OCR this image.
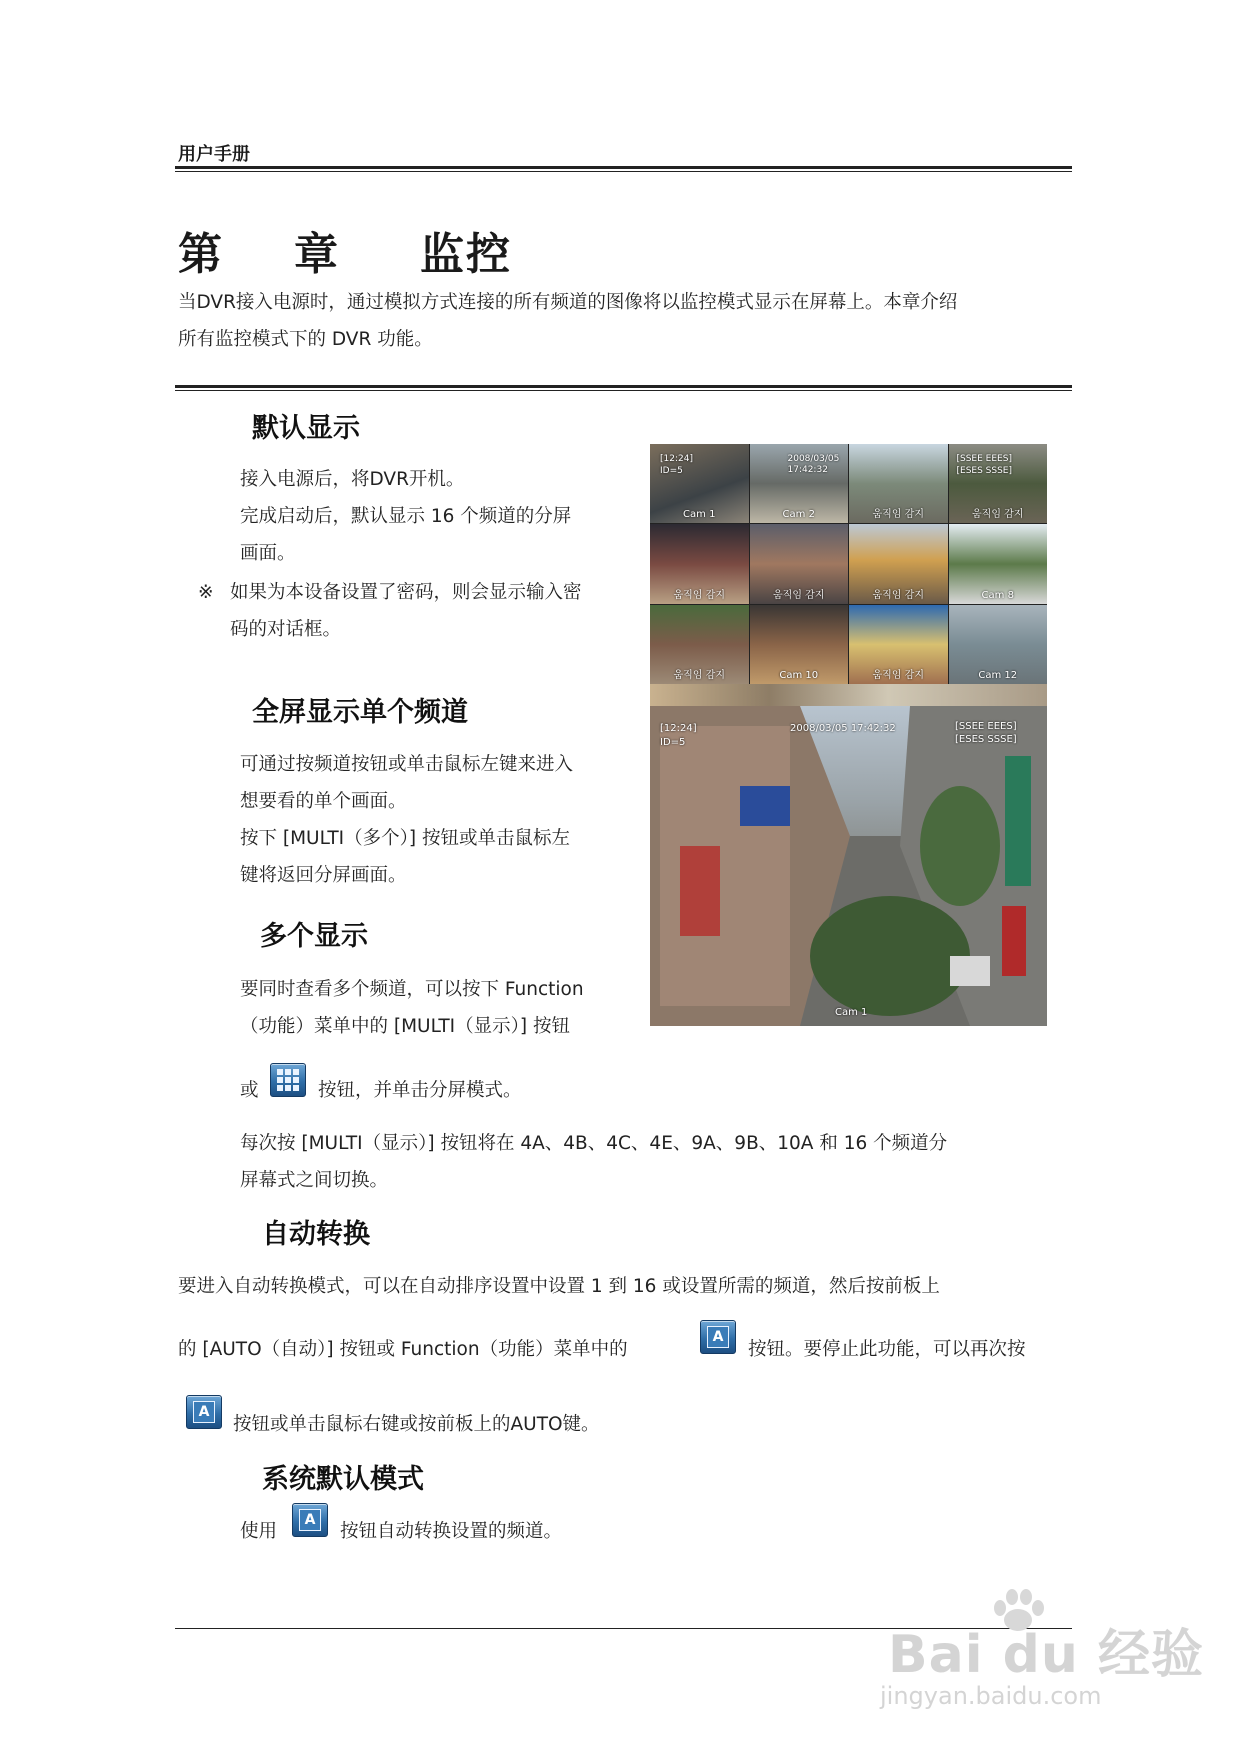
用户手册
第 章 监控
当DVR接入电源时，通过模拟方式连接的所有频道的图像将以监控模式显示在屏幕上。本章介绍
所有监控模式下的 DVR 功能。
默认显示
接入电源后，将DVR开机。
完成启动后，默认显示 16 个频道的分屏
画面。
※ 如果为本设备设置了密码，则会显示输入密
码的对话框。
全屏显示单个频道
可通过按频道按钮或单击鼠标左键来进入
想要看的单个画面。
按下 [MULTI（多个）] 按钮或单击鼠标左
键将返回分屏画面。
多个显示
要同时查看多个频道，可以按下 Function
（功能）菜单中的 [MULTI（显示）] 按钮
或	按钮，并单击分屏模式。
每次按 [MULTI（显示）] 按钮将在 4A、4B、4C、4E、9A、9B、10A 和 16 个频道分
屏幕式之间切换。
自动转换
要进入自动转换模式，可以在自动排序设置中设置 1 到 16 或设置所需的频道，然后按前板上
的 [AUTO（自动）] 按钮或 Function（功能）菜单中的
A
按钮。要停止此功能，可以再次按
A
按钮或单击鼠标右键或按前板上的AUTO键。
系统默认模式
使用
A
按钮自动转换设置的频道。
[12:24]
ID=5
Cam 1
2008/03/05 17:42:32
Cam 2	움직임 감지
[SSEE EEES]
[ESES SSSE]
움직임 감지
움직임 감지	움직임 감지	움직임 감지	Cam 8
움직임 감지	Cam 10	움직임 감지	Cam 12
[12:24]
ID=5
2008/03/05 17:42:32	[SSEE EEES]
[ESES SSSE]
Cam 1
Bai du 经验
jingyan.baidu.com
